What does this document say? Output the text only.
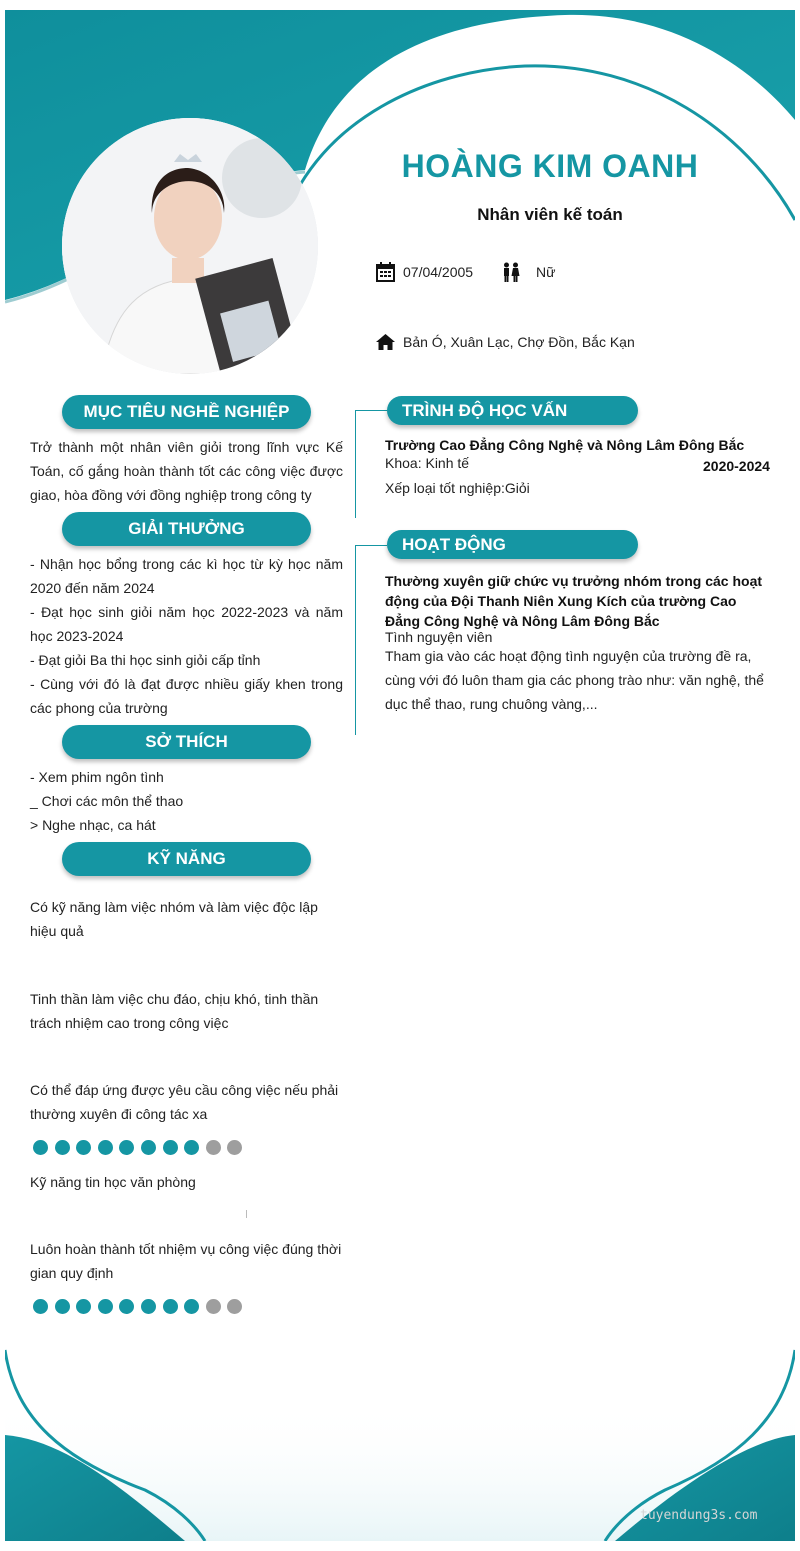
HOÀNG KIM OANH
Nhân viên kế toán
07/04/2005	Nữ
Bản Ó, Xuân Lạc, Chợ Đồn, Bắc Kạn
MỤC TIÊU NGHỀ NGHIỆP
Trở thành một nhân viên giỏi trong lĩnh vực Kế Toán, cố gắng hoàn thành tốt các công việc được giao, hòa đồng với đồng nghiệp trong công ty
GIẢI THƯỞNG
- Nhận học bổng trong các kì học từ kỳ học năm 2020 đến năm 2024
- Đạt học sinh giỏi năm học 2022-2023 và năm học 2023-2024
- Đạt giỏi Ba thi học sinh giỏi cấp tỉnh
- Cùng với đó là đạt được nhiều giấy khen trong các phong của trường
SỞ THÍCH
- Xem phim ngôn tình
_ Chơi các môn thể thao
> Nghe nhạc, ca hát
KỸ NĂNG
Có kỹ năng làm việc nhóm và làm việc độc lập hiệu quả
Tinh thần làm việc chu đáo, chịu khó, tinh thần trách nhiệm cao trong công việc
Có thể đáp ứng được yêu cầu công việc nếu phải thường xuyên đi công tác xa
Kỹ năng tin học văn phòng
Luôn hoàn thành tốt nhiệm vụ công việc đúng thời gian quy định
TRÌNH ĐỘ HỌC VẤN
Trường Cao Đẳng Công Nghệ và Nông Lâm Đông Bắc
Khoa: Kinh tế	2020-2024
Xếp loại tốt nghiệp:Giỏi
HOẠT ĐỘNG
Thường xuyên giữ chức vụ trưởng nhóm trong các hoạt động của Đội Thanh Niên Xung Kích của trường Cao Đẳng Công Nghệ và Nông Lâm Đông Bắc
Tình nguyện viên
Tham gia vào các hoạt động tình nguyện của trường đề ra, cùng với đó luôn tham gia các phong trào như: văn nghệ, thể dục thể thao, rung chuông vàng,...
tuyendung3s.com
